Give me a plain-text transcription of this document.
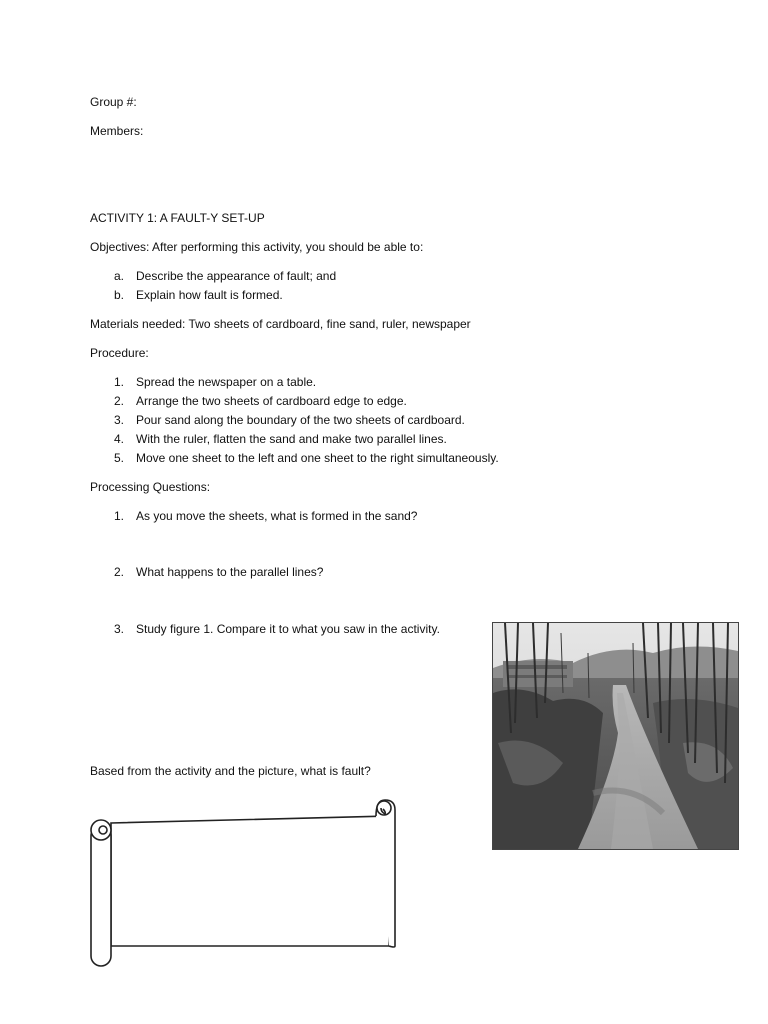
Group #:
Members:
ACTIVITY 1: A FAULT-Y SET-UP
Objectives: After performing this activity, you should be able to:
a. Describe the appearance of fault; and
b. Explain how fault is formed.
Materials needed: Two sheets of cardboard, fine sand, ruler, newspaper
Procedure:
1. Spread the newspaper on a table.
2. Arrange the two sheets of cardboard edge to edge.
3. Pour sand along the boundary of the two sheets of cardboard.
4. With the ruler, flatten the sand and make two parallel lines.
5. Move one sheet to the left and one sheet to the right simultaneously.
Processing Questions:
1. As you move the sheets, what is formed in the sand?
2. What happens to the parallel lines?
3. Study figure 1. Compare it to what you saw in the activity.
Based from the activity and the picture, what is fault?
